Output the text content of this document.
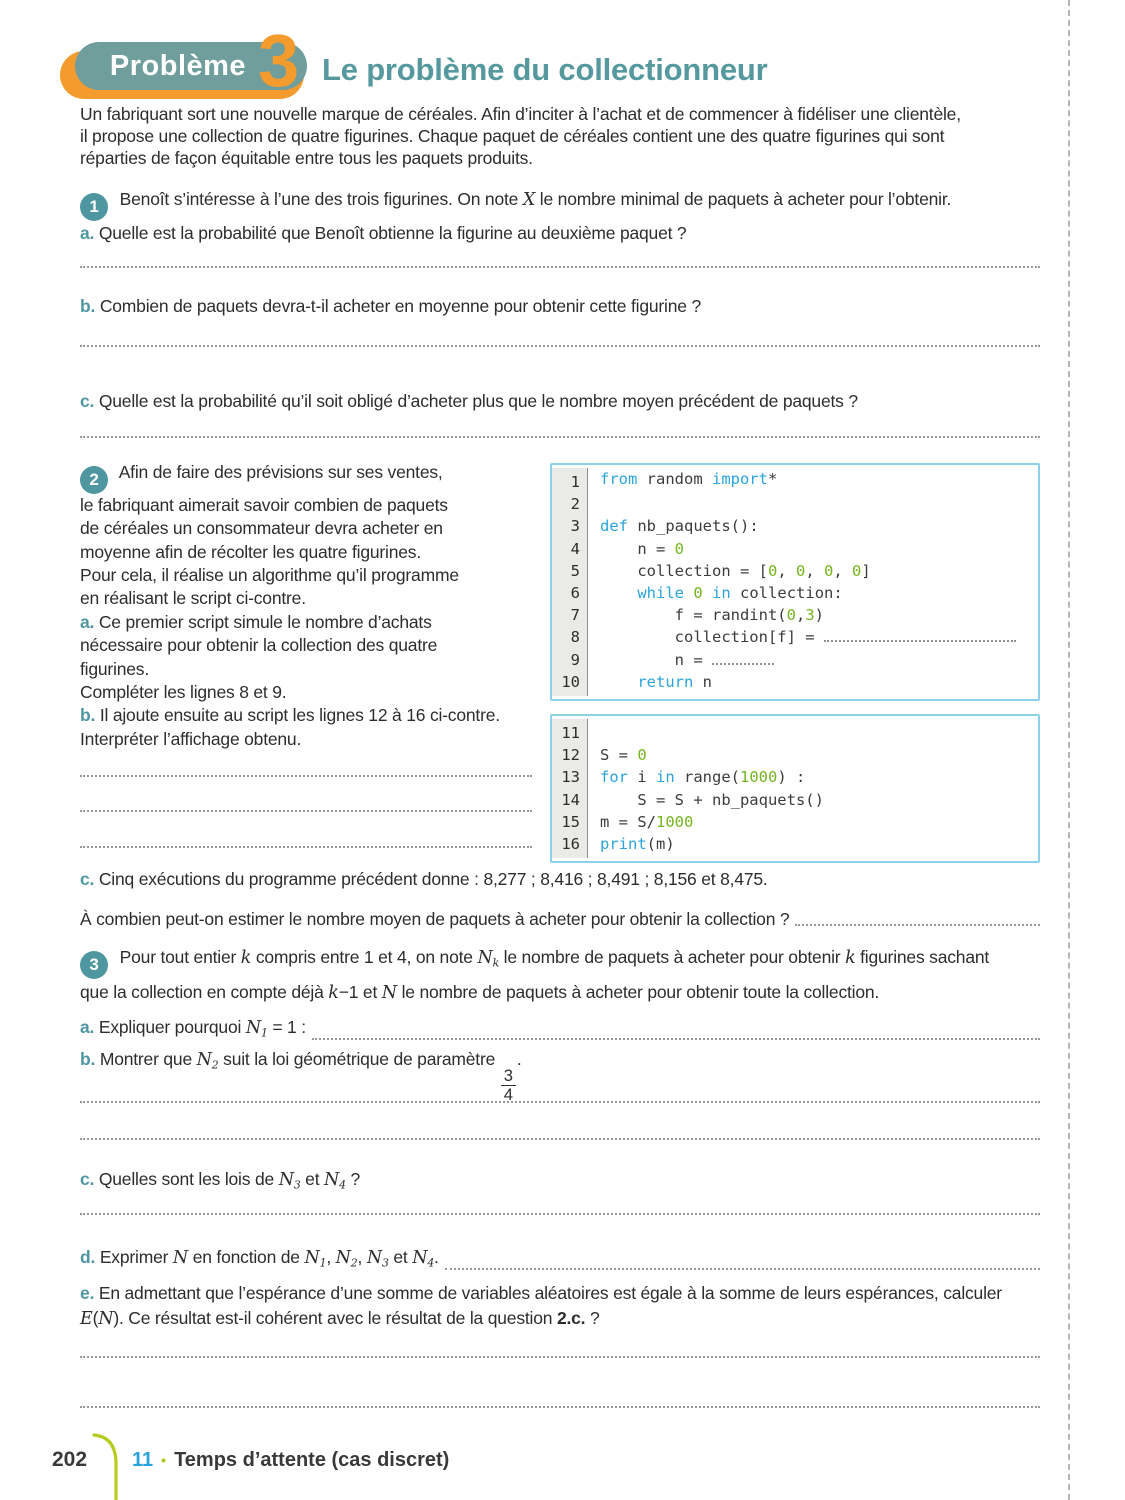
Problème 3 Le problème du collectionneur
Un fabriquant sort une nouvelle marque de céréales. Afin d’inciter à l’achat et de commencer à fidéliser une clientèle,
il propose une collection de quatre figurines. Chaque paquet de céréales contient une des quatre figurines qui sont
réparties de façon équitable entre tous les paquets produits.
1 Benoît s’intéresse à l’une des trois figurines. On note X le nombre minimal de paquets à acheter pour l’obtenir.
a. Quelle est la probabilité que Benoît obtienne la figurine au deuxième paquet ?
b. Combien de paquets devra-t-il acheter en moyenne pour obtenir cette figurine ?
c. Quelle est la probabilité qu’il soit obligé d’acheter plus que le nombre moyen précédent de paquets ?
2 Afin de faire des prévisions sur ses ventes,
le fabriquant aimerait savoir combien de paquets
de céréales un consommateur devra acheter en
moyenne afin de récolter les quatre figurines.
Pour cela, il réalise un algorithme qu’il programme
en réalisant le script ci-contre.
a. Ce premier script simule le nombre d’achats
nécessaire pour obtenir la collection des quatre
figurines.
Compléter les lignes 8 et 9.
b. Il ajoute ensuite au script les lignes 12 à 16 ci-contre.
Interpréter l’affichage obtenu.
1	from random import*
2

3	def nb_paquets():
4	n = 0
5	collection = [0, 0, 0, 0]
6	while 0 in collection:
7	f = randint(0,3)
8	collection[f] =
9	n =
10	return n
11

12	S = 0
13	for i in range(1000) :
14	S = S + nb_paquets()
15	m = S/1000
16	print(m)
c. Cinq exécutions du programme précédent donne : 8,277 ; 8,416 ; 8,491 ; 8,156 et 8,475.
À combien peut-on estimer le nombre moyen de paquets à acheter pour obtenir la collection ?
3 Pour tout entier k compris entre 1 et 4, on note Nk le nombre de paquets à acheter pour obtenir k figurines sachant
que la collection en compte déjà k−1 et N le nombre de paquets à acheter pour obtenir toute la collection.
a. Expliquer pourquoi N1 = 1 :
b. Montrer que N2 suit la loi géométrique de paramètre
$\frac{3}{4}$
.
c. Quelles sont les lois de N3 et N4 ?
d. Exprimer N en fonction de N1, N2, N3 et N4.
e. En admettant que l’espérance d’une somme de variables aléatoires est égale à la somme de leurs espérances, calculer
E(N). Ce résultat est-il cohérent avec le résultat de la question 2.c. ?
202 11 • Temps d’attente (cas discret)
